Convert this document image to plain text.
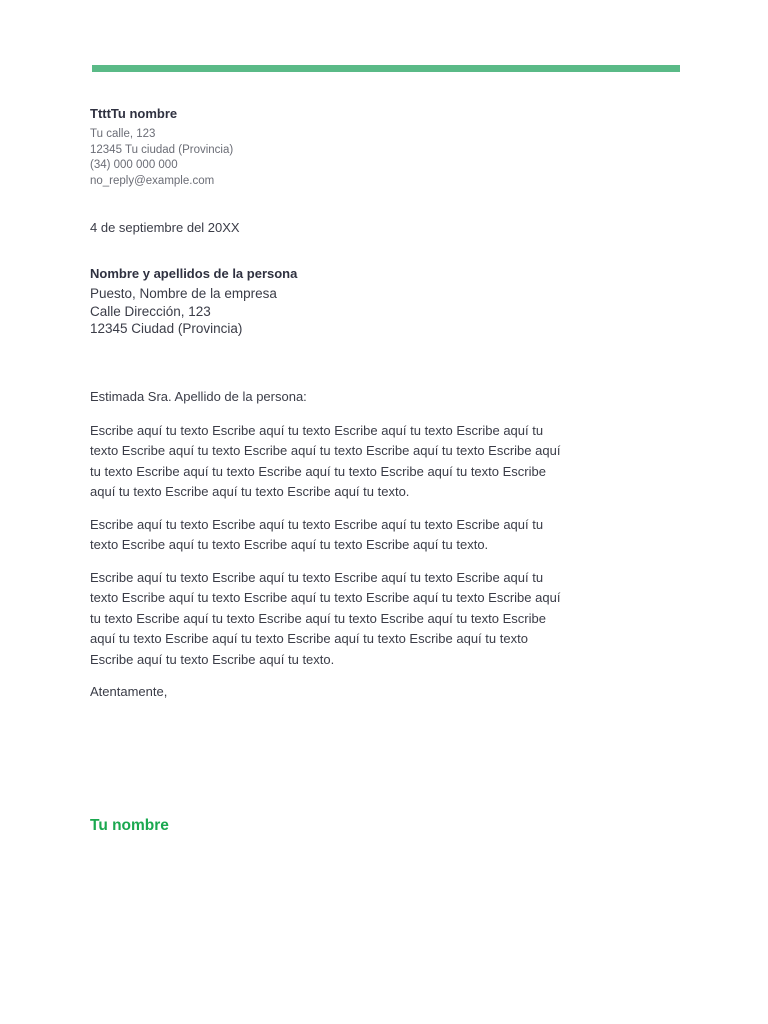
TtttTu nombre

Tu calle, 123

12345 Tu ciudad (Provincia)

(34) 000 000 000

no_reply@example.com

4 de septiembre del 20XX

Nombre y apellidos de la persona

Puesto, Nombre de la empresa

Calle Dirección, 123

12345 Ciudad (Provincia)

Estimada Sra. Apellido de la persona:

Escribe aquí tu texto Escribe aquí tu texto Escribe aquí tu texto Escribe aquí tu texto Escribe aquí tu texto Escribe aquí tu texto Escribe aquí tu texto Escribe aquí tu texto Escribe aquí tu texto Escribe aquí tu texto Escribe aquí tu texto Escribe aquí tu texto Escribe aquí tu texto Escribe aquí tu texto.

Escribe aquí tu texto Escribe aquí tu texto Escribe aquí tu texto Escribe aquí tu texto Escribe aquí tu texto Escribe aquí tu texto Escribe aquí tu texto.

Escribe aquí tu texto Escribe aquí tu texto Escribe aquí tu texto Escribe aquí tu texto Escribe aquí tu texto Escribe aquí tu texto Escribe aquí tu texto Escribe aquí tu texto Escribe aquí tu texto Escribe aquí tu texto Escribe aquí tu texto Escribe aquí tu texto Escribe aquí tu texto Escribe aquí tu texto Escribe aquí tu texto Escribe aquí tu texto Escribe aquí tu texto.

Atentamente,
Tu nombre
